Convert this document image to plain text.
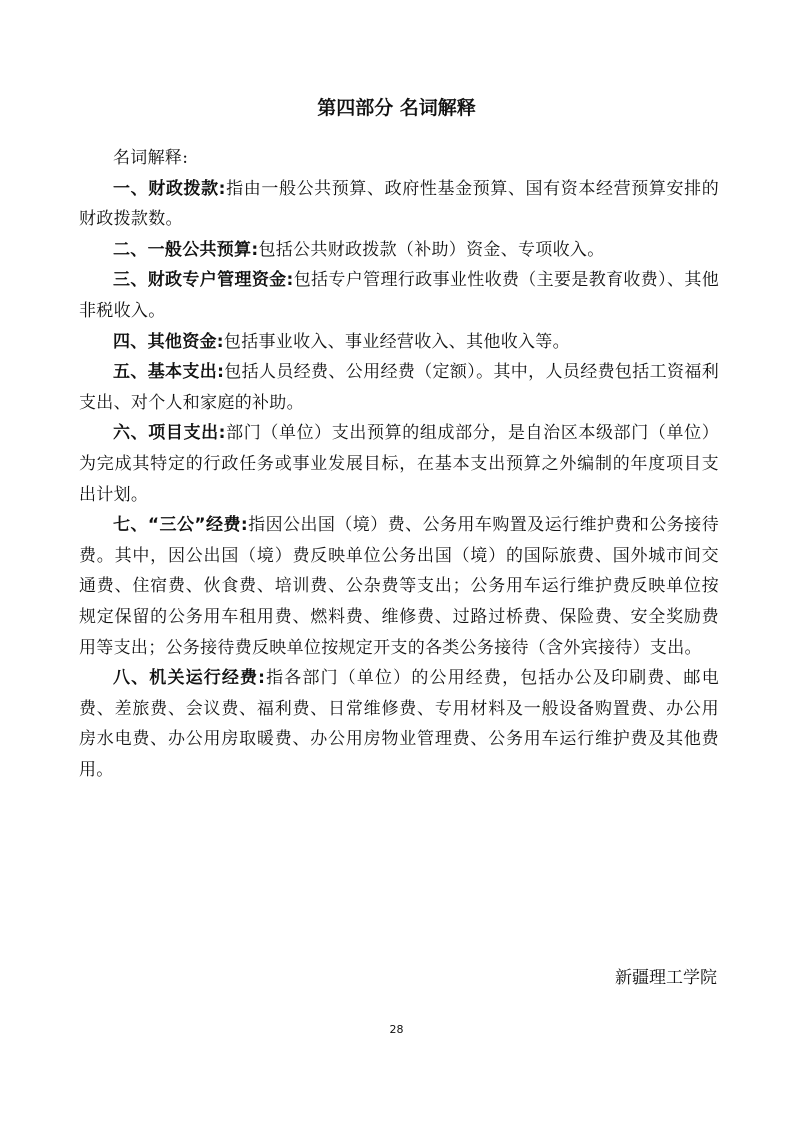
第四部分 名词解释

名词解释:

一、财政拨款:指由一般公共预算、政府性基金预算、国有资本经营预算安排的财政拨款数。

二、一般公共预算:包括公共财政拨款（补助）资金、专项收入。

三、财政专户管理资金:包括专户管理行政事业性收费（主要是教育收费）、其他非税收入。

四、其他资金:包括事业收入、事业经营收入、其他收入等。

五、基本支出:包括人员经费、公用经费（定额）。其中，人员经费包括工资福利支出、对个人和家庭的补助。

六、项目支出:部门（单位）支出预算的组成部分，是自治区本级部门（单位）为完成其特定的行政任务或事业发展目标，在基本支出预算之外编制的年度项目支出计划。

七、“三公”经费:指因公出国（境）费、公务用车购置及运行维护费和公务接待费。其中，因公出国（境）费反映单位公务出国（境）的国际旅费、国外城市间交通费、住宿费、伙食费、培训费、公杂费等支出；公务用车运行维护费反映单位按规定保留的公务用车租用费、燃料费、维修费、过路过桥费、保险费、安全奖励费用等支出；公务接待费反映单位按规定开支的各类公务接待（含外宾接待）支出。

八、机关运行经费:指各部门（单位）的公用经费，包括办公及印刷费、邮电费、差旅费、会议费、福利费、日常维修费、专用材料及一般设备购置费、办公用房水电费、办公用房取暖费、办公用房物业管理费、公务用车运行维护费及其他费用。

新疆理工学院
28
